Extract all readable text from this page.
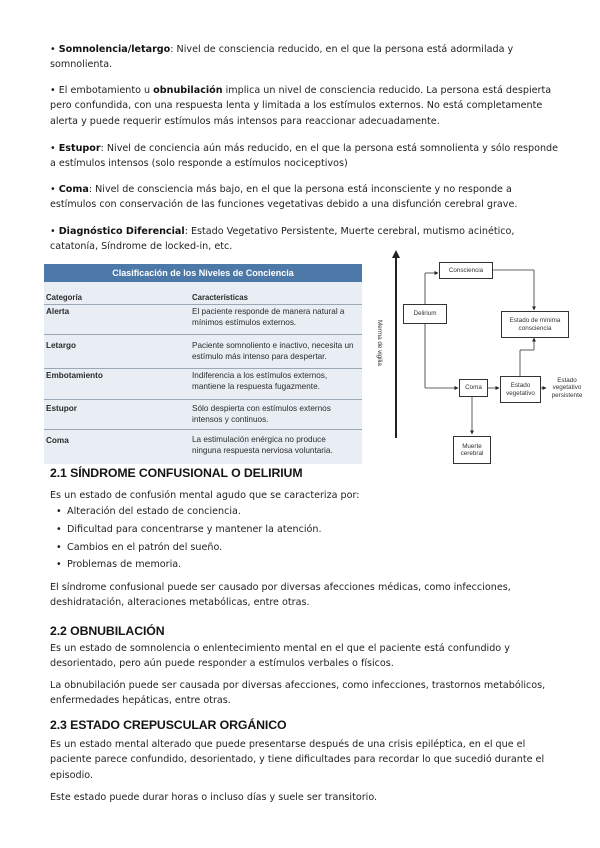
• Somnolencia/letargo: Nivel de consciencia reducido, en el que la persona está adormilada y somnolienta.
• El embotamiento u obnubilación implica un nivel de consciencia reducido. La persona está despierta pero confundida, con una respuesta lenta y limitada a los estímulos externos. No está completamente alerta y puede requerir estímulos más intensos para reaccionar adecuadamente.
• Estupor: Nivel de conciencia aún más reducido, en el que la persona está somnolienta y sólo responde a estímulos intensos (solo responde a estímulos nociceptivos)
• Coma: Nivel de consciencia más bajo, en el que la persona está inconsciente y no responde a estímulos con conservación de las funciones vegetativas debido a una disfunción cerebral grave.
• Diagnóstico Diferencial: Estado Vegetativo Persistente, Muerte cerebral, mutismo acinético, catatonía, Síndrome de locked-in, etc.
Clasificación de los Niveles de Conciencia
Categoría	Características
Alerta	El paciente responde de manera natural a mínimos estímulos externos.
Letargo	Paciente somnoliento e inactivo, necesita un estímulo más intenso para despertar.
Embotamiento	Indiferencia a los estímulos externos, mantiene la respuesta fugazmente.
Estupor	Sólo despierta con estímulos externos intensos y continuos.
Coma	La estimulación enérgica no produce ninguna respuesta nerviosa voluntaria.
Merma de vigilia
Consciencia
Delirium
Estado de mínima consciencia
Coma	Estado vegetativo
Estado vegetativo persistente
Muerte cerebral
2.1 SÍNDROME CONFUSIONAL O DELIRIUM
Es un estado de confusión mental agudo que se caracteriza por:
• Alteración del estado de conciencia.
• Dificultad para concentrarse y mantener la atención.
• Cambios en el patrón del sueño.
• Problemas de memoria.
El síndrome confusional puede ser causado por diversas afecciones médicas, como infecciones, deshidratación, alteraciones metabólicas, entre otras.
2.2 OBNUBILACIÓN
Es un estado de somnolencia o enlentecimiento mental en el que el paciente está confundido y desorientado, pero aún puede responder a estímulos verbales o físicos.
La obnubilación puede ser causada por diversas afecciones, como infecciones, trastornos metabólicos, enfermedades hepáticas, entre otras.
2.3 ESTADO CREPUSCULAR ORGÁNICO
Es un estado mental alterado que puede presentarse después de una crisis epiléptica, en el que el paciente parece confundido, desorientado, y tiene dificultades para recordar lo que sucedió durante el episodio.
Este estado puede durar horas o incluso días y suele ser transitorio.
